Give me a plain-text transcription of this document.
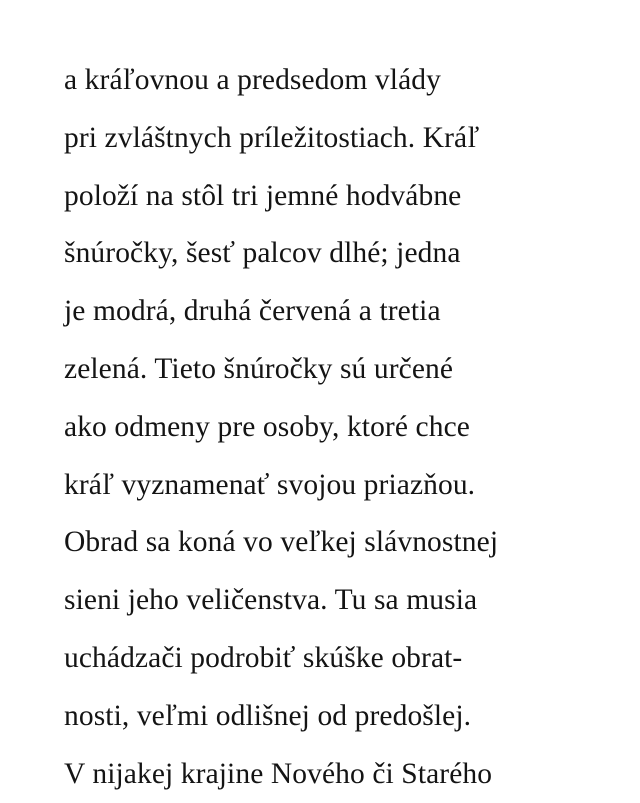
a kráľovnou a predsedom vlády
pri zvláštnych príležitostiach. Kráľ
položí na stôl tri jemné hodvábne
šnúročky, šesť palcov dlhé; jedna
je modrá, druhá červená a tretia
zelená. Tieto šnúročky sú určené
ako odmeny pre osoby, ktoré chce
kráľ vyznamenať svojou priazňou.
Obrad sa koná vo veľkej slávnostnej
sieni jeho veličenstva. Tu sa musia
uchádzači podrobiť skúške obrat-
nosti, veľmi odlišnej od predošlej.
V nijakej krajine Nového či Starého
